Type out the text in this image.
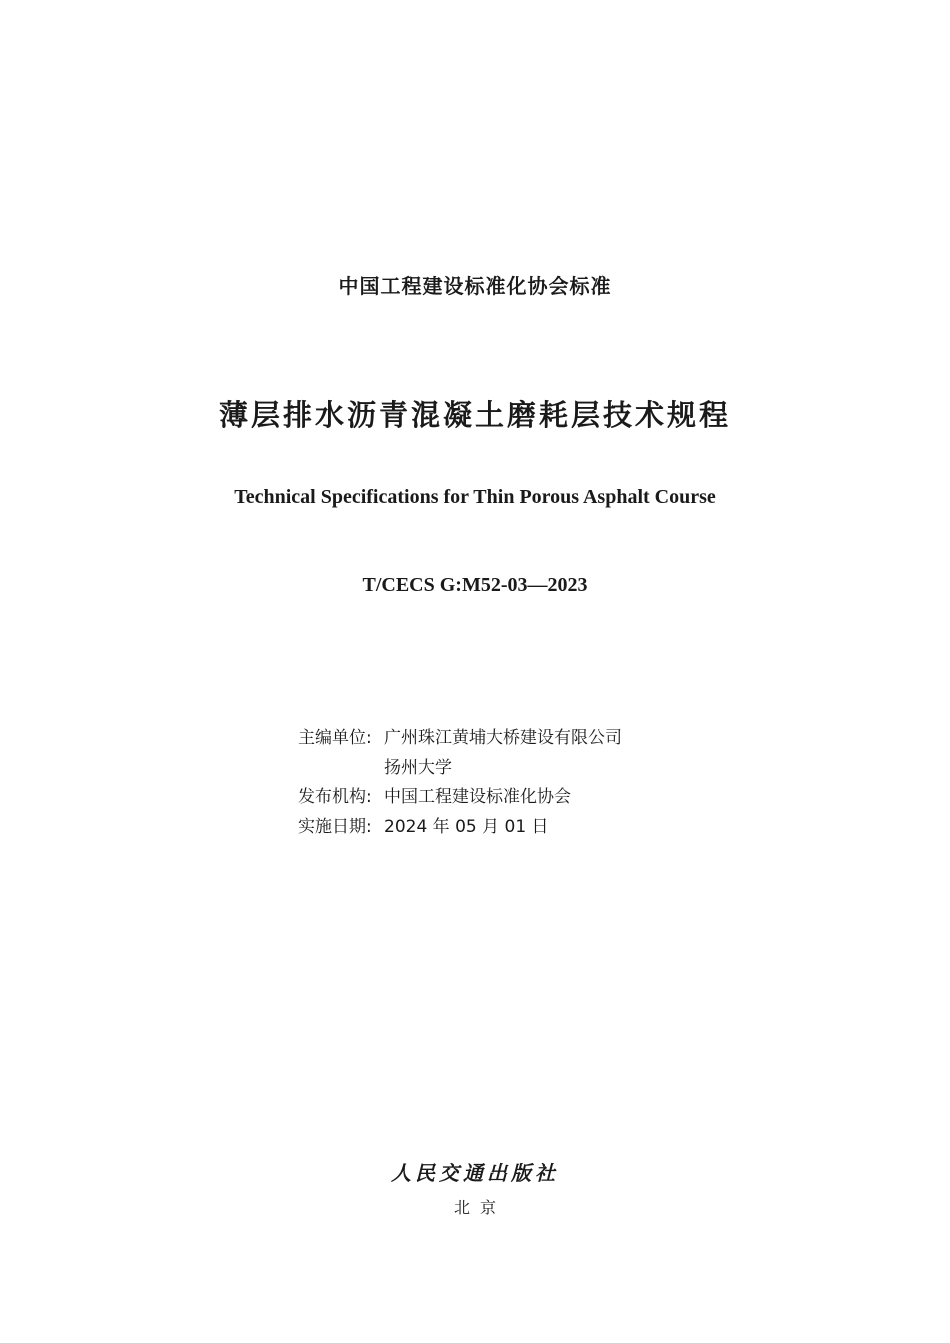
中国工程建设标准化协会标准
薄层排水沥青混凝土磨耗层技术规程
Technical Specifications for Thin Porous Asphalt Course
T/CECS G:M52-03—2023
主编单位: 广州珠江黄埔大桥建设有限公司
扬州大学
发布机构: 中国工程建设标准化协会
实施日期: 2024 年 05 月 01 日
人民交通出版社
北京
